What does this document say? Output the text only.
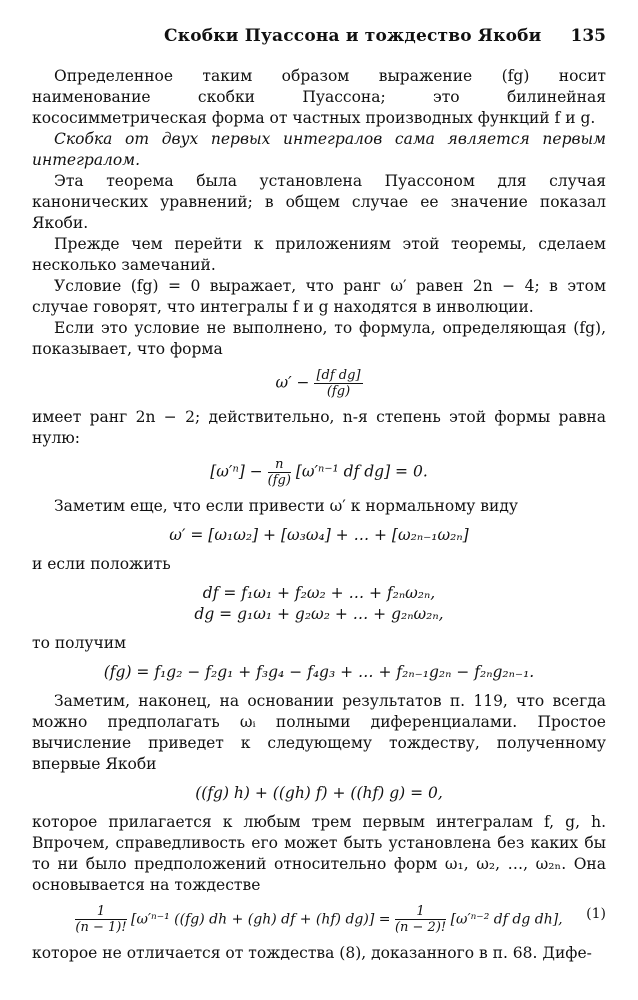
Скобки Пуассона и тождество Якоби 135

Определенное таким образом выражение (fg) носит наименование скобки Пуассона; это билинейная кососимметрическая форма от частных производных функций f и g.

Скобка от двух первых интегралов сама является первым интегралом.

Эта теорема была установлена Пуассоном для случая канонических уравнений; в общем случае ее значение показал Якоби.

Прежде чем перейти к приложениям этой теоремы, сделаем несколько замечаний.

Условие (fg) = 0 выражает, что ранг ω′ равен 2n − 4; в этом случае говорят, что интегралы f и g находятся в инволюции.

Если это условие не выполнено, то формула, определяющая (fg), показывает, что форма

$\omega' - \frac{\text{[df dg]}}{(fg)}$

имеет ранг 2n − 2; действительно, n-я степень этой формы равна нулю:

$[\omega'^n] - \frac{n}{(fg)} [\omega'^{n-1}$ df dg] = 0.

Заметим еще, что если привести ω′ к нормальному виду

ω′ = [ω₁ω₂] + [ω₃ω₄] + … + [ω₂ₙ₋₁ω₂ₙ]

и если положить

df = f₁ω₁ + f₂ω₂ + … + f₂ₙω₂ₙ,
dg = g₁ω₁ + g₂ω₂ + … + g₂ₙω₂ₙ,

то получим

(fg) = f₁g₂ − f₂g₁ + f₃g₄ − f₄g₃ + … + f₂ₙ₋₁g₂ₙ − f₂ₙg₂ₙ₋₁.

Заметим, наконец, на основании результатов п. 119, что всегда можно предполагать ωᵢ полными диференциалами. Простое вычисление приведет к следующему тождеству, полученному впервые Якоби

((fg) h) + ((gh) f) + ((hf) g) = 0,

которое прилагается к любым трем первым интегралам f, g, h. Впрочем, справедливость его может быть установлена без каких бы то ни было предположений относительно форм ω₁, ω₂, …, ω₂ₙ. Она основывается на тождестве

$\frac{1}{(n - 1)!} [\omega'^{n-1}$ ((fg) dh + (gh) df + (hf) $dg)] = \frac{1}{(n - 2)!} [\omega'^{n-2}$ df dg dh], (1)

которое не отличается от тождества (8), доказанного в п. 68. Дифе-
